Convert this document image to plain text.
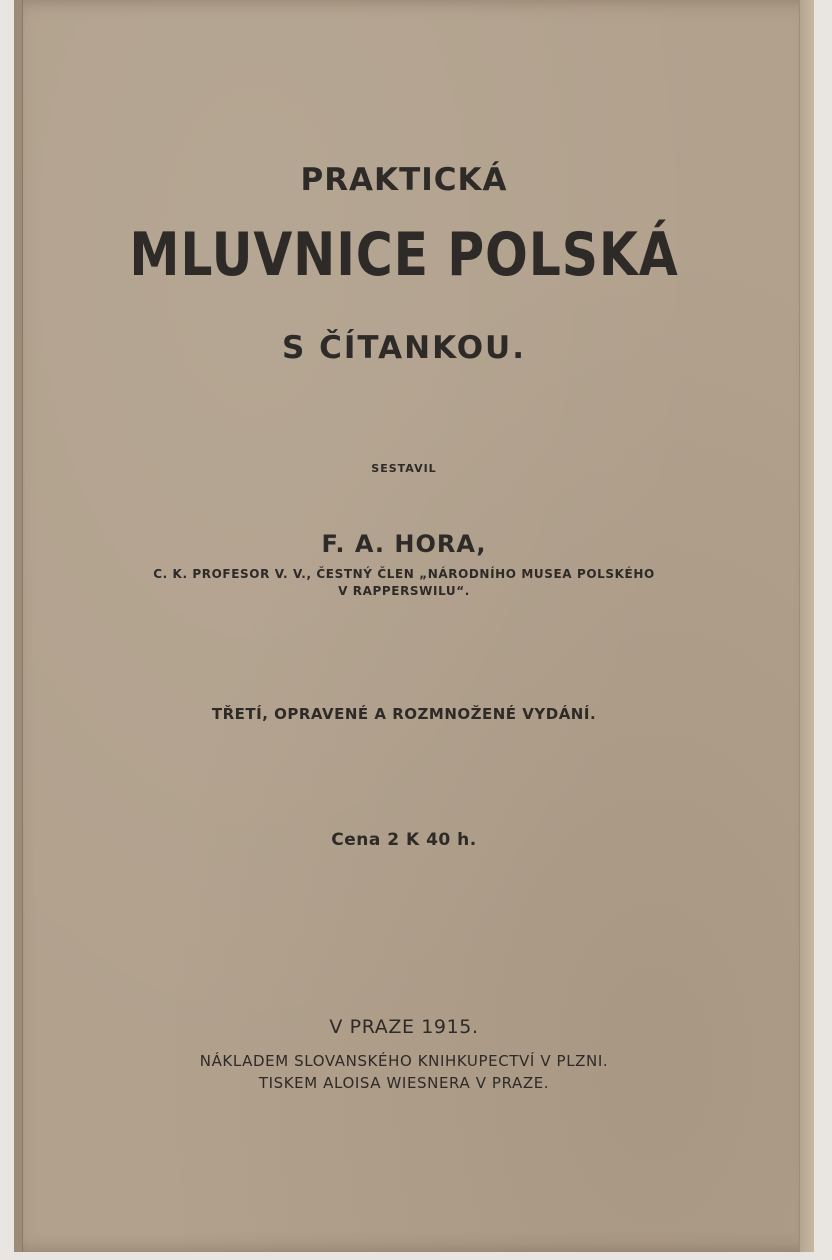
PRAKTICKÁ
MLUVNICE POLSKÁ
S ČÍTANKOU.
SESTAVIL
F. A. HORA,
C. K. PROFESOR V. V., ČESTNÝ ČLEN „NÁRODNÍHO MUSEA POLSKÉHO
V RAPPERSWILU“.
TŘETÍ, OPRAVENÉ A ROZMNOŽENÉ VYDÁNÍ.
Cena 2 K 40 h.
V PRAZE 1915.
NÁKLADEM SLOVANSKÉHO KNIHKUPECTVÍ V PLZNI.
TISKEM ALOISA WIESNERA V PRAZE.
